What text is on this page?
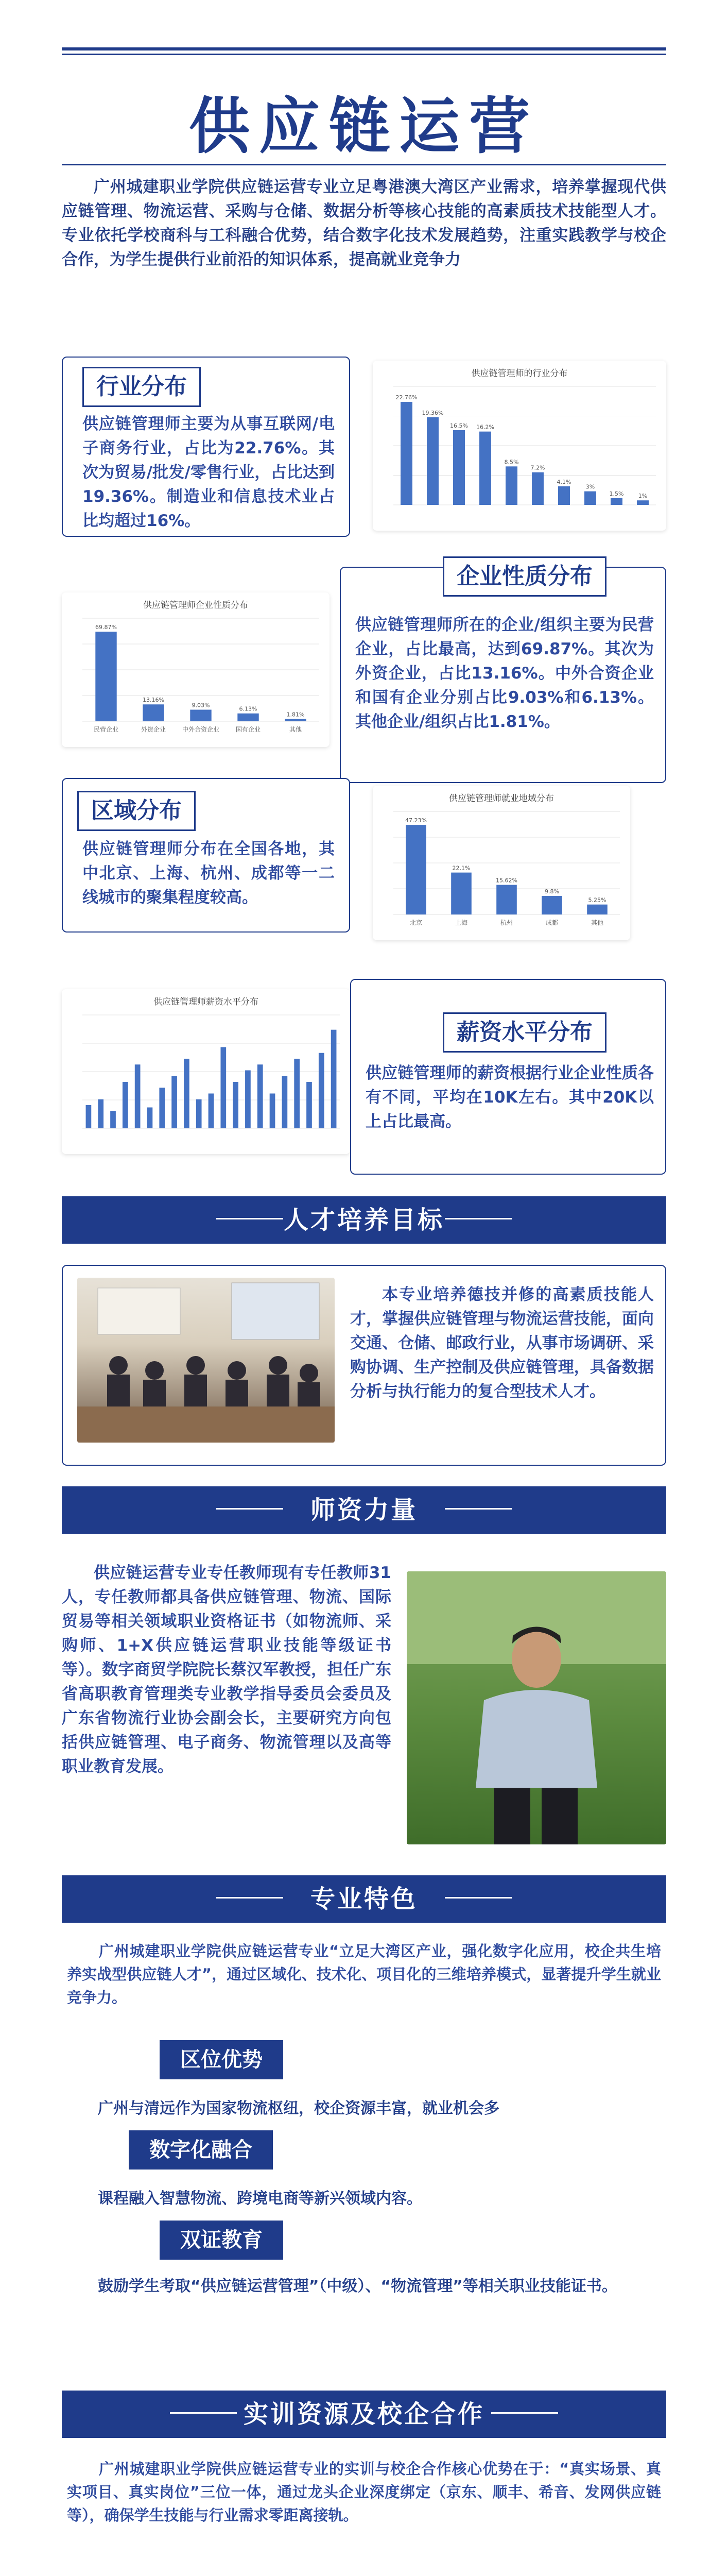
供应链运营
广州城建职业学院供应链运营专业立足粤港澳大湾区产业需求，培养掌握现代供应链管理、物流运营、采购与仓储、数据分析等核心技能的高素质技术技能型人才。专业依托学校商科与工科融合优势，结合数字化技术发展趋势，注重实践教学与校企合作，为学生提供行业前沿的知识体系，提高就业竞争力
行业分布
供应链管理师主要为从事互联网/电子商务行业，占比为22.76%。其次为贸易/批发/零售行业，占比达到19.36%。制造业和信息技术业占比均超过16%。
供应链管理师的行业分布
22.76%
19.36%
16.5% 16.2%
8.5%
7.2%
4.1%
3%
1.5%	1%
供应链管理师企业性质分布
69.87%
民营企业
13.16%
外资企业
9.03%
中外合资企业
6.13%
国有企业
1.81%
其他
企业性质分布
供应链管理师所在的企业/组织主要为民营企业，占比最高，达到69.87%。其次为外资企业，占比13.16%。中外合资企业和国有企业分别占比9.03%和6.13%。其他企业/组织占比1.81%。
区域分布
供应链管理师分布在全国各地，其中北京、上海、杭州、成都等一二线城市的聚集程度较高。
供应链管理师就业地域分布
47.23%
北京
22.1%
上海
15.62%
杭州
9.8%
成都
5.25%
其他
供应链管理师薪资水平分布
薪资水平分布
供应链管理师的薪资根据行业企业性质各有不同，平均在10K左右。其中20K以上占比最高。
人才培养目标
本专业培养德技并修的高素质技能人才，掌握供应链管理与物流运营技能，面向交通、仓储、邮政行业，从事市场调研、采购协调、生产控制及供应链管理，具备数据分析与执行能力的复合型技术人才。
师资力量
供应链运营专业专任教师现有专任教师31人，专任教师都具备供应链管理、物流、国际贸易等相关领域职业资格证书（如物流师、采购师、1+X供应链运营职业技能等级证书等）。数字商贸学院院长蔡汉军教授，担任广东省高职教育管理类专业教学指导委员会委员及广东省物流行业协会副会长，主要研究方向包括供应链管理、电子商务、物流管理以及高等职业教育发展。
专业特色
广州城建职业学院供应链运营专业“立足大湾区产业，强化数字化应用，校企共生培养实战型供应链人才”，通过区域化、技术化、项目化的三维培养模式，显著提升学生就业竞争力。
区位优势
广州与清远作为国家物流枢纽，校企资源丰富，就业机会多
数字化融合
课程融入智慧物流、跨境电商等新兴领域内容。
双证教育
鼓励学生考取“供应链运营管理”（中级）、“物流管理”等相关职业技能证书。
实训资源及校企合作
广州城建职业学院供应链运营专业的实训与校企合作核心优势在于：“真实场景、真实项目、真实岗位”三位一体，通过龙头企业深度绑定（京东、顺丰、希音、发网供应链等），确保学生技能与行业需求零距离接轨。
